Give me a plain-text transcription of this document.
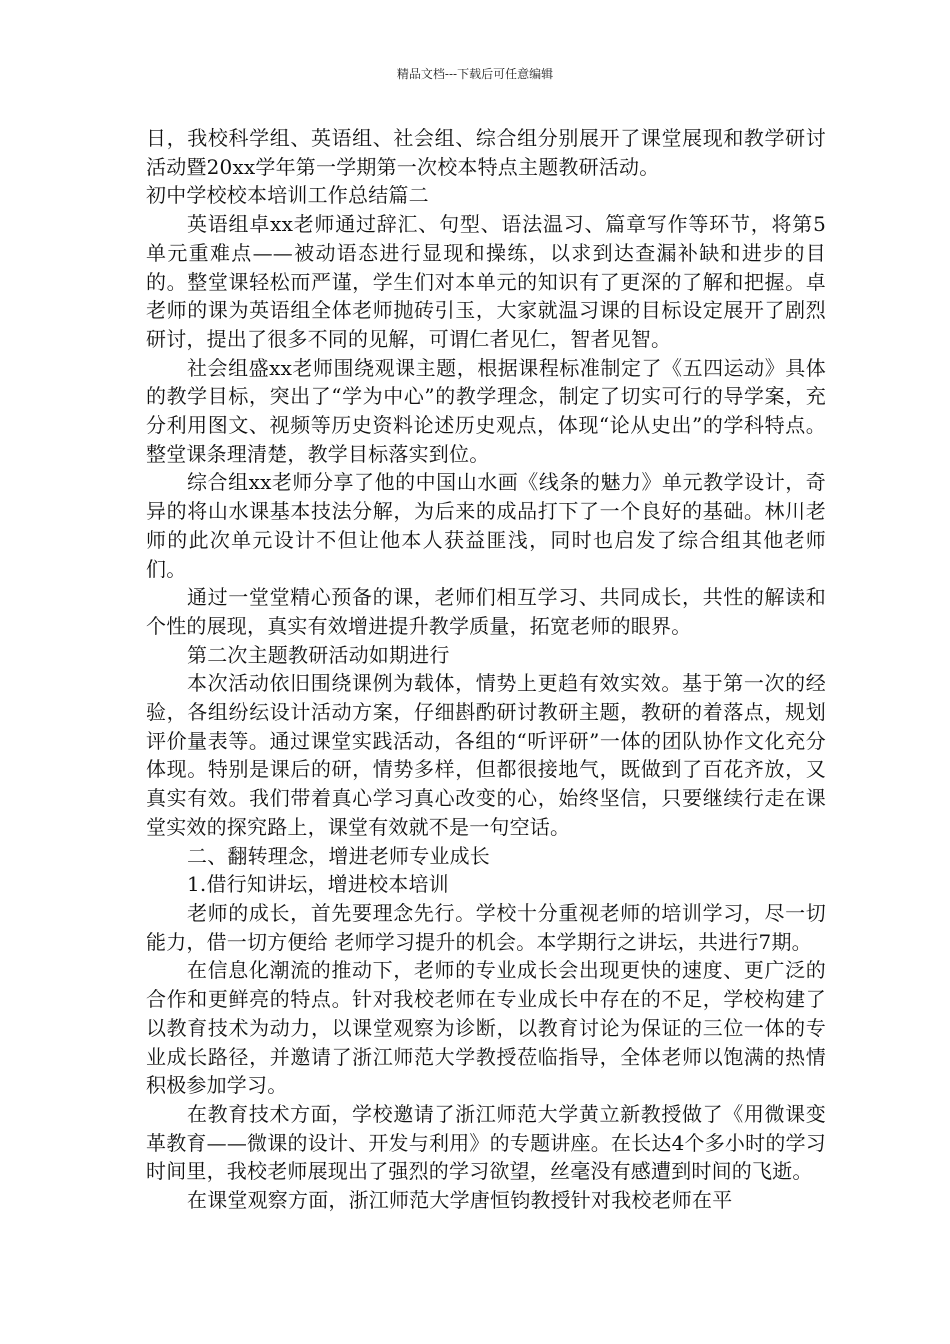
精品文档---下载后可任意编辑

日，我校科学组、英语组、社会组、综合组分别展开了课堂展现和教学研讨活动暨20xx学年第一学期第一次校本特点主题教研活动。

初中学校校本培训工作总结篇二

英语组卓xx老师通过辞汇、句型、语法温习、篇章写作等环节，将第5单元重难点——被动语态进行显现和操练，以求到达查漏补缺和进步的目的。整堂课轻松而严谨，学生们对本单元的知识有了更深的了解和把握。卓老师的课为英语组全体老师抛砖引玉，大家就温习课的目标设定展开了剧烈研讨，提出了很多不同的见解，可谓仁者见仁，智者见智。

社会组盛xx老师围绕观课主题，根据课程标准制定了《五四运动》具体的教学目标，突出了“学为中心”的教学理念，制定了切实可行的导学案，充分利用图文、视频等历史资料论述历史观点，体现“论从史出”的学科特点。整堂课条理清楚，教学目标落实到位。

综合组xx老师分享了他的中国山水画《线条的魅力》单元教学设计，奇异的将山水课基本技法分解，为后来的成品打下了一个良好的基础。林川老师的此次单元设计不但让他本人获益匪浅，同时也启发了综合组其他老师们。

通过一堂堂精心预备的课，老师们相互学习、共同成长，共性的解读和个性的展现，真实有效增进提升教学质量，拓宽老师的眼界。

第二次主题教研活动如期进行

本次活动依旧围绕课例为载体，情势上更趋有效实效。基于第一次的经验，各组纷纭设计活动方案，仔细斟酌研讨教研主题，教研的着落点，规划评价量表等。通过课堂实践活动，各组的“听评研”一体的团队协作文化充分体现。特别是课后的研，情势多样，但都很接地气，既做到了百花齐放，又真实有效。我们带着真心学习真心改变的心，始终坚信，只要继续行走在课堂实效的探究路上，课堂有效就不是一句空话。

二、翻转理念，增进老师专业成长

1.借行知讲坛，增进校本培训

老师的成长，首先要理念先行。学校十分重视老师的培训学习，尽一切能力，借一切方便给 老师学习提升的机会。本学期行之讲坛，共进行7期。

在信息化潮流的推动下，老师的专业成长会出现更快的速度、更广泛的合作和更鲜亮的特点。针对我校老师在专业成长中存在的不足，学校构建了以教育技术为动力，以课堂观察为诊断，以教育讨论为保证的三位一体的专业成长路径，并邀请了浙江师范大学教授莅临指导，全体老师以饱满的热情积极参加学习。

在教育技术方面，学校邀请了浙江师范大学黄立新教授做了《用微课变革教育——微课的设计、开发与利用》的专题讲座。在长达4个多小时的学习时间里，我校老师展现出了强烈的学习欲望，丝毫没有感遭到时间的飞逝。

在课堂观察方面，浙江师范大学唐恒钧教授针对我校老师在平
